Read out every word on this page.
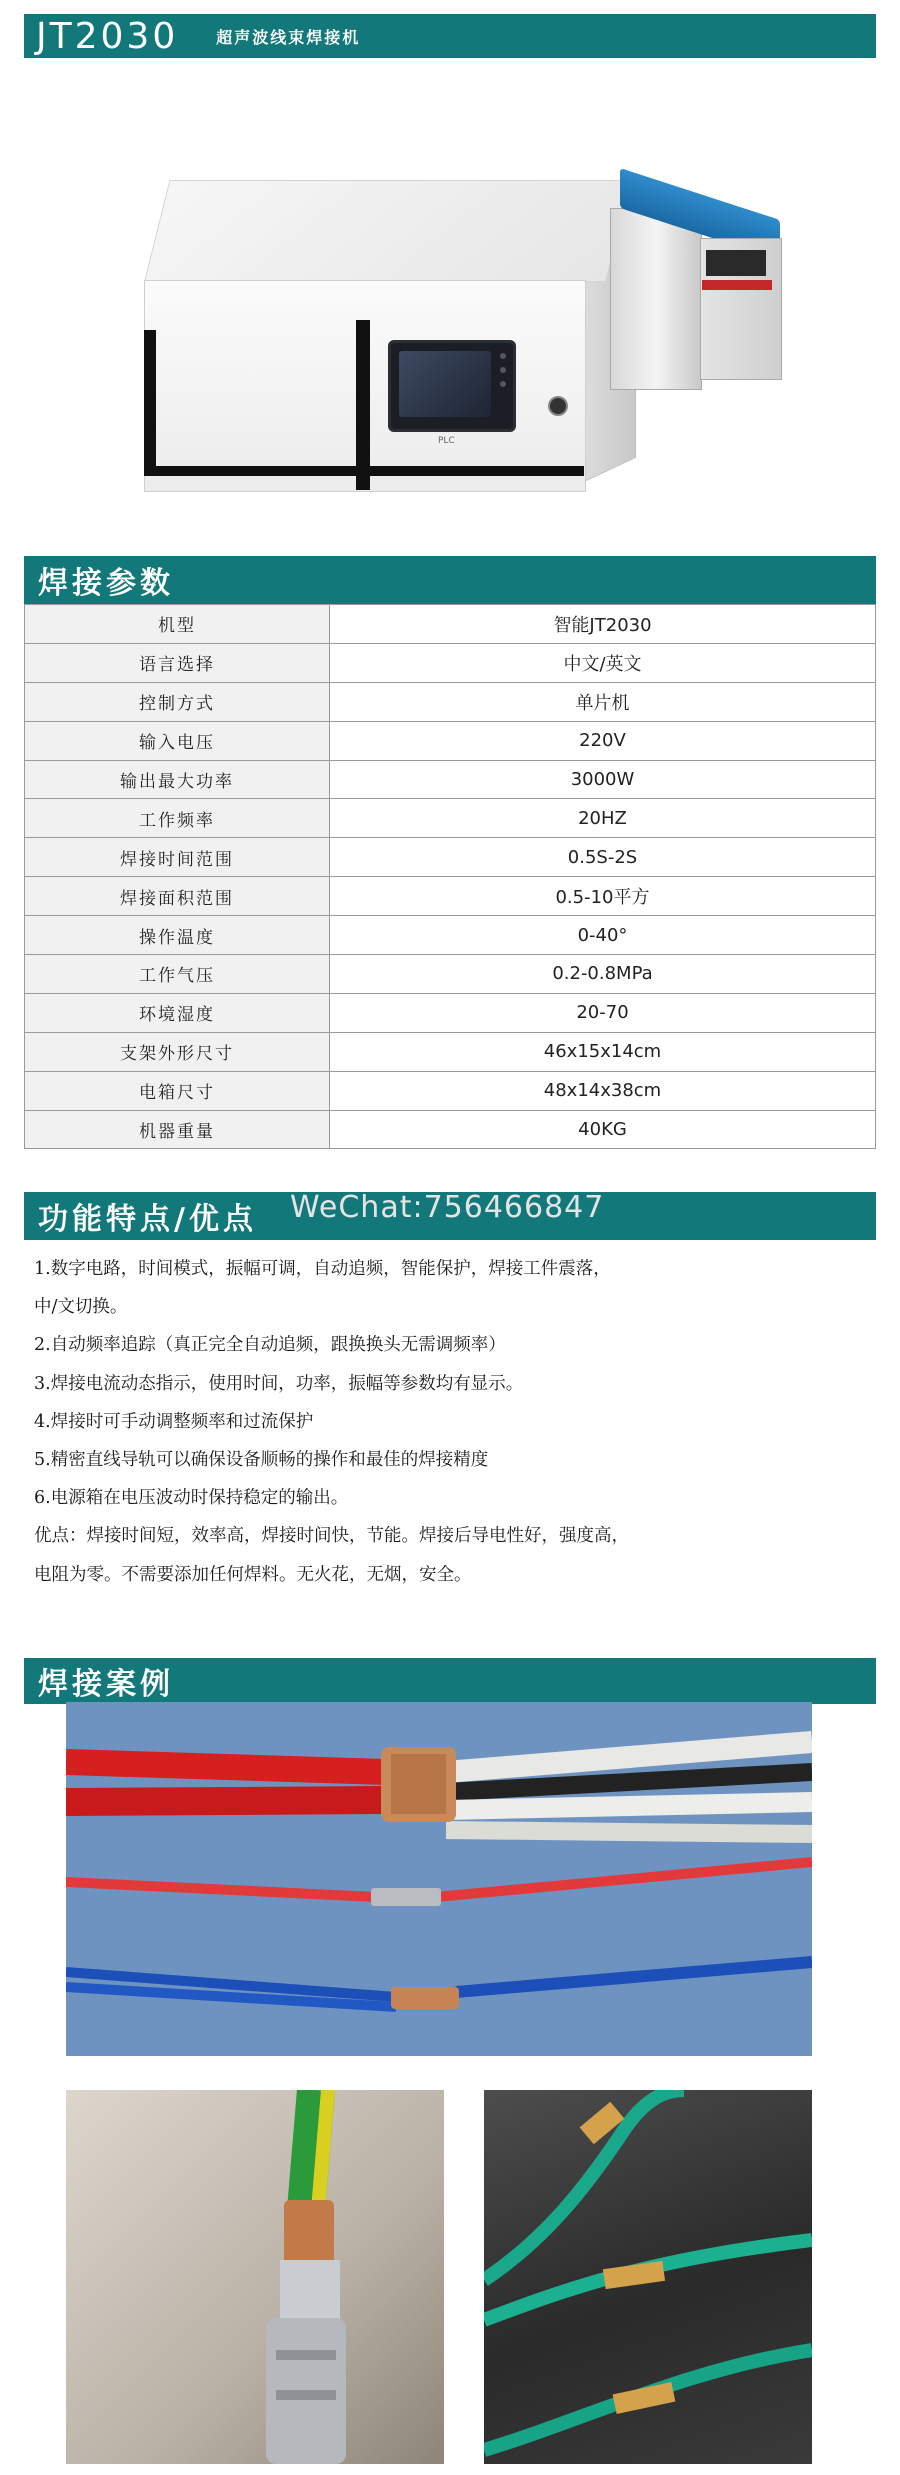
JT2030 超声波线束焊接机
PLC
焊接参数
机型	智能JT2030
语言选择	中文/英文
控制方式	单片机
输入电压	220V
输出最大功率	3000W
工作频率	20HZ
焊接时间范围	0.5S-2S
焊接面积范围	0.5-10平方
操作温度	0-40°
工作气压	0.2-0.8MPa
环境湿度	20-70
支架外形尺寸	46x15x14cm
电箱尺寸	48x14x38cm
机器重量	40KG
功能特点/优点	WeChat:756466847

1.数字电路，时间模式，振幅可调，自动追频，智能保护，焊接工件震落，

中/文切换。

2.自动频率追踪（真正完全自动追频，跟换换头无需调频率）

3.焊接电流动态指示，使用时间，功率，振幅等参数均有显示。

4.焊接时可手动调整频率和过流保护

5.精密直线导轨可以确保设备顺畅的操作和最佳的焊接精度

6.电源箱在电压波动时保持稳定的输出。

优点：焊接时间短，效率高，焊接时间快，节能。焊接后导电性好，强度高，

电阻为零。不需要添加任何焊料。无火花，无烟，安全。

焊接案例
